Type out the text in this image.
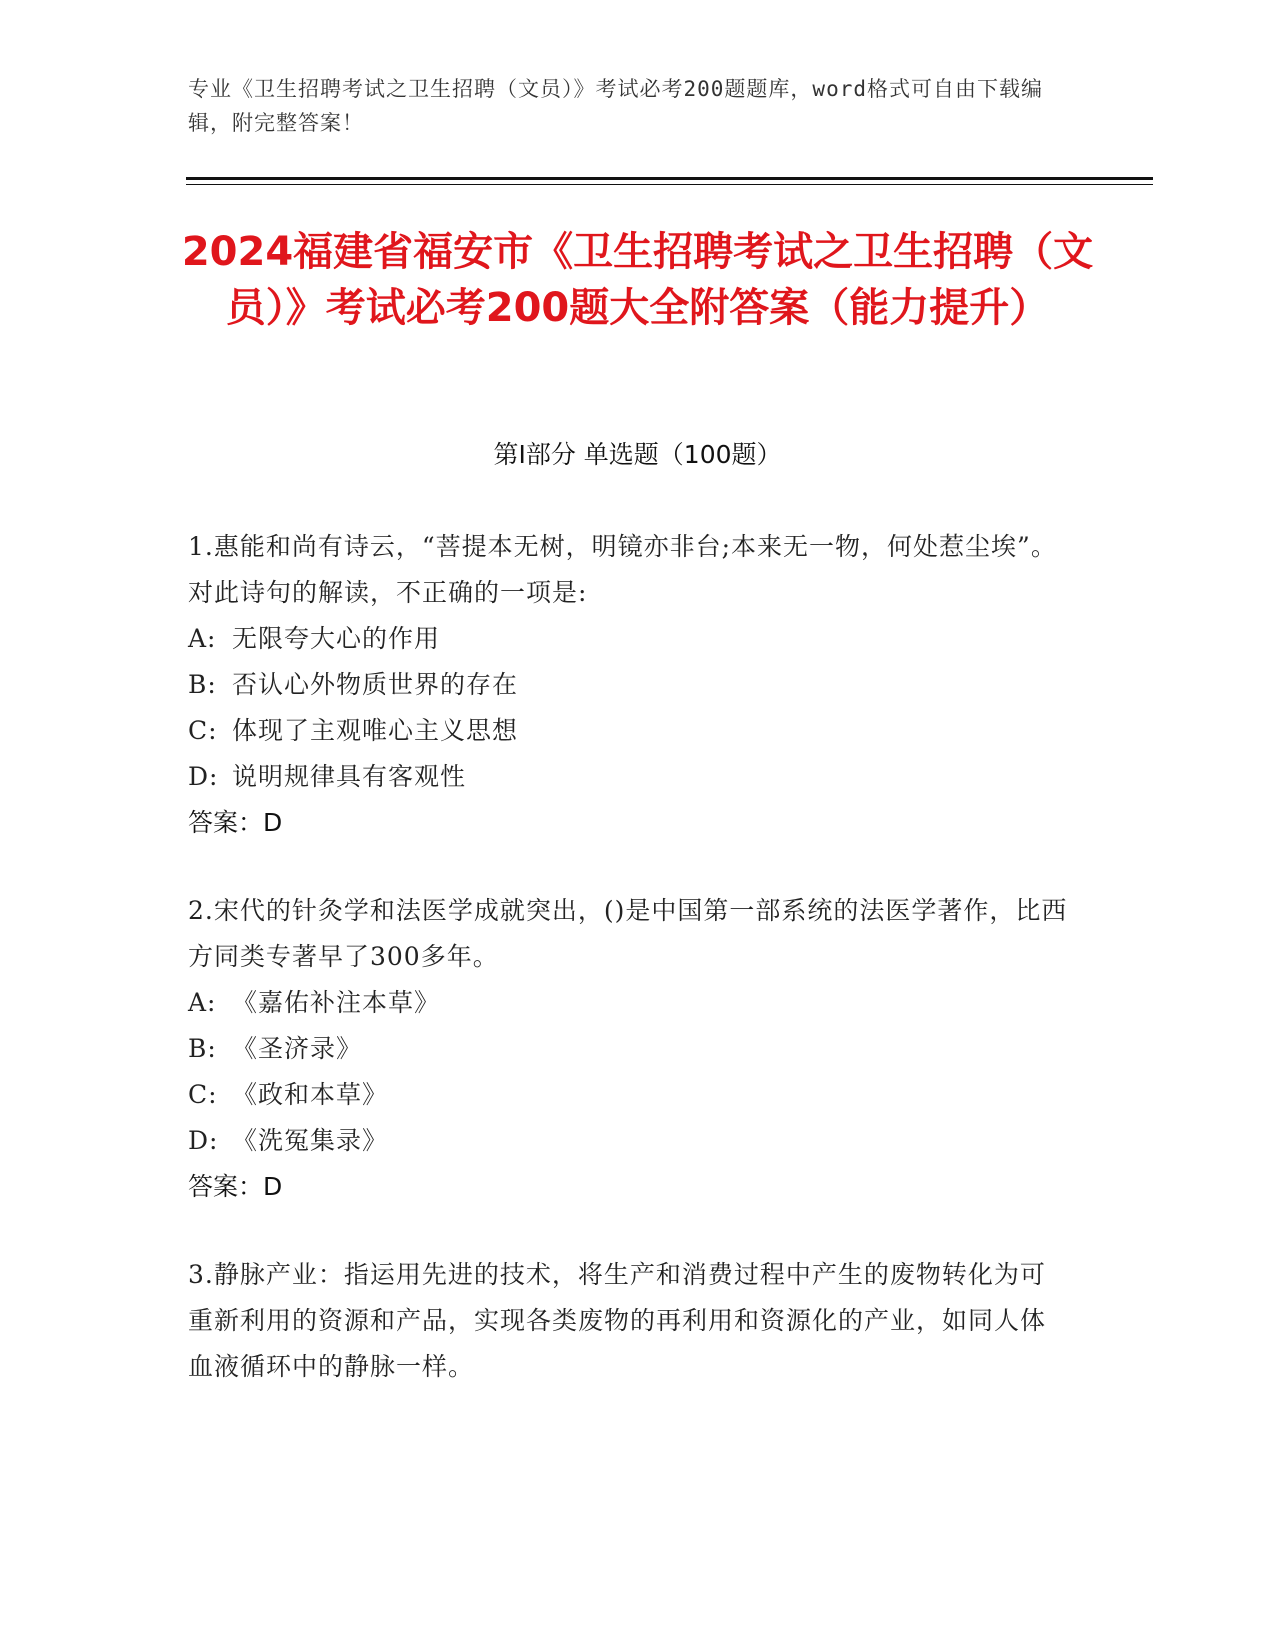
专业《卫生招聘考试之卫生招聘（文员）》考试必考200题题库，word格式可自由下载编辑，附完整答案！
2024福建省福安市《卫生招聘考试之卫生招聘（文员）》考试必考200题大全附答案（能力提升）
第I部分 单选题（100题）
1.惠能和尚有诗云，“菩提本无树，明镜亦非台;本来无一物，何处惹尘埃”。对此诗句的解读，不正确的一项是:
A: 无限夸大心的作用
B: 否认心外物质世界的存在
C: 体现了主观唯心主义思想
D: 说明规律具有客观性
答案：D
2.宋代的针灸学和法医学成就突出，()是中国第一部系统的法医学著作，比西方同类专著早了300多年。
A: 《嘉佑补注本草》
B: 《圣济录》
C: 《政和本草》
D: 《洗冤集录》
答案：D
3.静脉产业：指运用先进的技术，将生产和消费过程中产生的废物转化为可重新利用的资源和产品，实现各类废物的再利用和资源化的产业，如同人体血液循环中的静脉一样。
